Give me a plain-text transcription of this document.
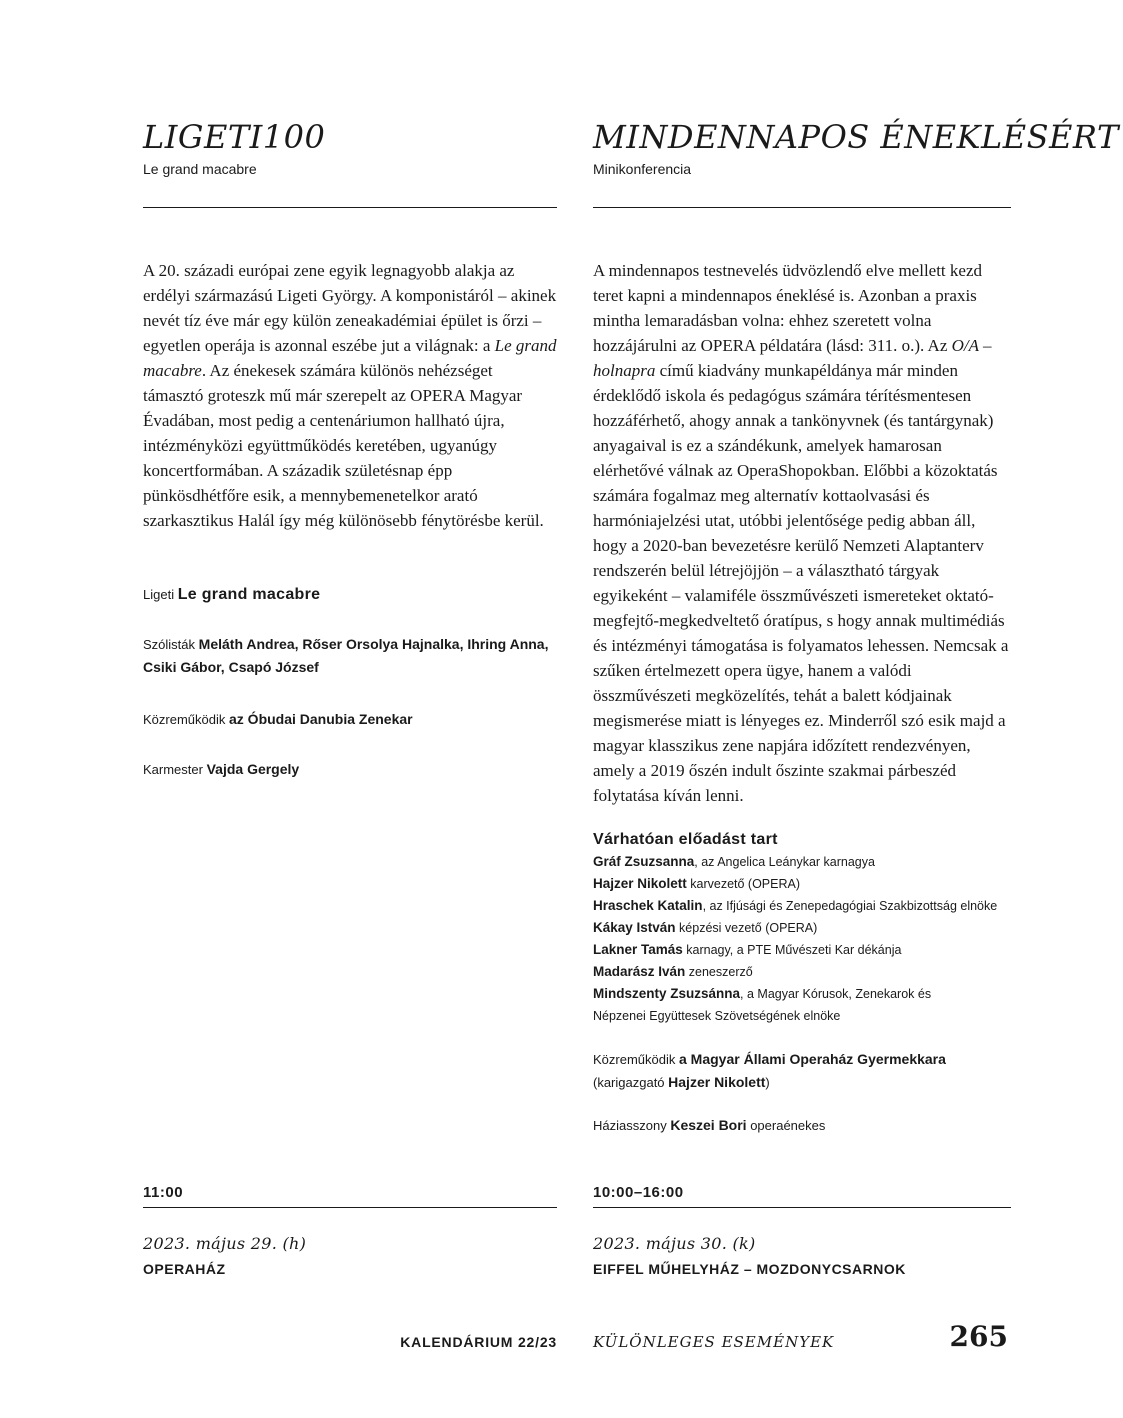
LIGETI100
Le grand macabre

A 20. századi európai zene egyik legnagyobb alakja az erdélyi származású Ligeti György. A komponistáról – akinek nevét tíz éve már egy külön zeneakadémiai épület is őrzi – egyetlen operája is azonnal eszébe jut a világnak: a Le grand macabre. Az énekesek számára különös nehézséget támasztó groteszk mű már szerepelt az OPERA Magyar Évadában, most pedig a centenáriumon hallható újra, intézményközi együttműködés keretében, ugyanúgy koncertformában. A századik születésnap épp pünkösdhétfőre esik, a mennybemenetelkor arató szarkasztikus Halál így még különösebb fénytörésbe kerül.

Ligeti Le grand macabre

Szólisták Meláth Andrea, Rőser Orsolya Hajnalka, Ihring Anna, Csiki Gábor, Csapó József

Közreműködik az Óbudai Danubia Zenekar

Karmester Vajda Gergely

11:00
2023. május 29. (h)
OPERAHÁZ
MINDENNAPOS ÉNEKLÉSÉRT
Minikonferencia

A mindennapos testnevelés üdvözlendő elve mellett kezd teret kapni a mindennapos éneklésé is. Azonban a praxis mintha lemaradásban volna: ehhez szeretett volna hozzájárulni az OPERA példatára (lásd: 311. o.). Az O/A – holnapra című kiadvány munkapéldánya már minden érdeklődő iskola és pedagógus számára térítésmentesen hozzáférhető, ahogy annak a tankönyvnek (és tantárgynak) anyagaival is ez a szándékunk, amelyek hamarosan elérhetővé válnak az OperaShopokban. Előbbi a közoktatás számára fogalmaz meg alternatív kottaolvasási és harmóniajelzési utat, utóbbi jelentősége pedig abban áll, hogy a 2020-ban bevezetésre kerülő Nemzeti Alaptanterv rendszerén belül létrejöjjön – a választható tárgyak egyikeként – valamiféle összművészeti ismereteket oktató-megfejtő-megkedveltető óratípus, s hogy annak multimédiás és intézményi támogatása is folyamatos lehessen. Nemcsak a szűken értelmezett opera ügye, hanem a valódi összművészeti megközelítés, tehát a balett kódjainak megismerése miatt is lényeges ez. Minderről szó esik majd a magyar klasszikus zene napjára időzített rendezvényen, amely a 2019 őszén indult őszinte szakmai párbeszéd folytatása kíván lenni.

Várhatóan előadást tart

Gráf Zsuzsanna, az Angelica Leánykar karnagya

Hajzer Nikolett karvezető (OPERA)

Hraschek Katalin, az Ifjúsági és Zenepedagógiai Szakbizottság elnöke

Kákay István képzési vezető (OPERA)

Lakner Tamás karnagy, a PTE Művészeti Kar dékánja

Madarász Iván zeneszerző

Mindszenty Zsuzsánna, a Magyar Kórusok, Zenekarok és

Népzenei Együttesek Szövetségének elnöke

Közreműködik a Magyar Állami Operaház Gyermekkara

(karigazgató Hajzer Nikolett)

Háziasszony Keszei Bori operaénekes

10:00–16:00
2023. május 30. (k)
EIFFEL MŰHELYHÁZ – MOZDONYCSARNOK
KALENDÁRIUM 22/23 KÜLÖNLEGES ESEMÉNYEK	265
